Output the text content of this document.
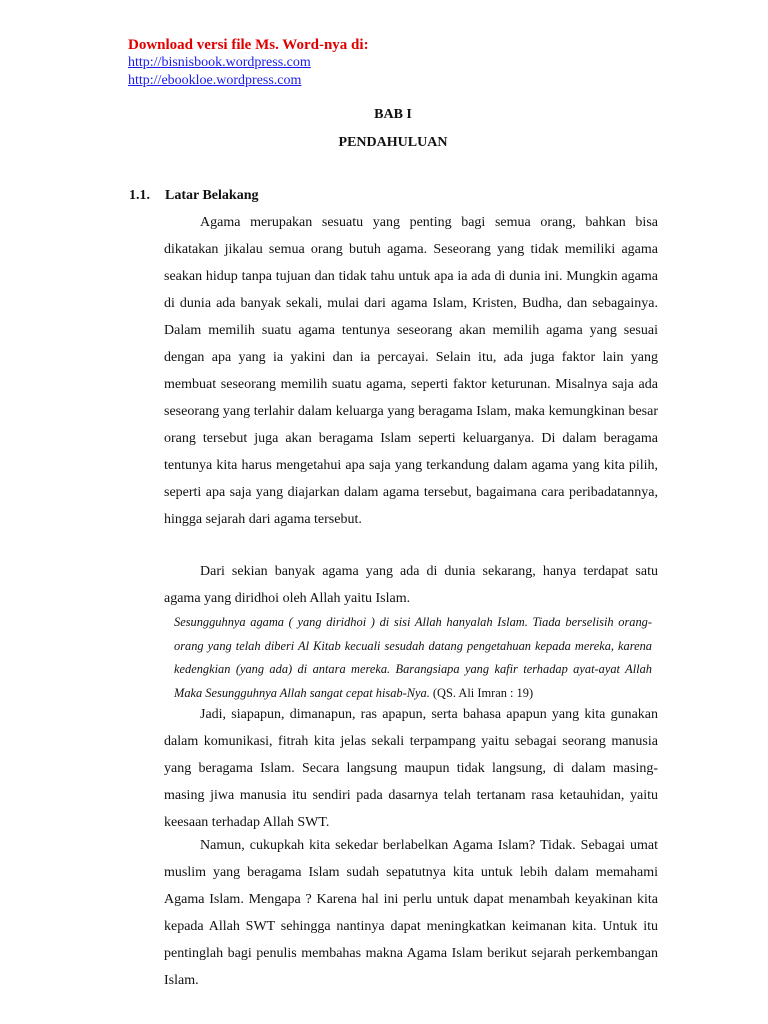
Download versi file Ms. Word-nya di:
http://bisnisbook.wordpress.com
http://ebookloe.wordpress.com
BAB I
PENDAHULUAN
1.1. Latar Belakang

Agama merupakan sesuatu yang penting bagi semua orang, bahkan bisa dikatakan jikalau semua orang butuh agama. Seseorang yang tidak memiliki agama seakan hidup tanpa tujuan dan tidak tahu untuk apa ia ada di dunia ini. Mungkin agama di dunia ada banyak sekali, mulai dari agama Islam, Kristen, Budha, dan sebagainya. Dalam memilih suatu agama tentunya seseorang akan memilih agama yang sesuai dengan apa yang ia yakini dan ia percayai. Selain itu, ada juga faktor lain yang membuat seseorang memilih suatu agama, seperti faktor keturunan. Misalnya saja ada seseorang yang terlahir dalam keluarga yang beragama Islam, maka kemungkinan besar orang tersebut juga akan beragama Islam seperti keluarganya. Di dalam beragama tentunya kita harus mengetahui apa saja yang terkandung dalam agama yang kita pilih, seperti apa saja yang diajarkan dalam agama tersebut, bagaimana cara peribadatannya, hingga sejarah dari agama tersebut.

Dari sekian banyak agama yang ada di dunia sekarang, hanya terdapat satu agama yang diridhoi oleh Allah yaitu Islam.

Sesungguhnya agama ( yang diridhoi ) di sisi Allah hanyalah Islam. Tiada berselisih orang-orang yang telah diberi Al Kitab kecuali sesudah datang pengetahuan kepada mereka, karena kedengkian (yang ada) di antara mereka. Barangsiapa yang kafir terhadap ayat-ayat Allah Maka Sesungguhnya Allah sangat cepat hisab-Nya. (QS. Ali Imran : 19)

Jadi, siapapun, dimanapun, ras apapun, serta bahasa apapun yang kita gunakan dalam komunikasi, fitrah kita jelas sekali terpampang yaitu sebagai seorang manusia yang beragama Islam. Secara langsung maupun tidak langsung, di dalam masing-masing jiwa manusia itu sendiri pada dasarnya telah tertanam rasa ketauhidan, yaitu keesaan terhadap Allah SWT.

Namun, cukupkah kita sekedar berlabelkan Agama Islam? Tidak. Sebagai umat muslim yang beragama Islam sudah sepatutnya kita untuk lebih dalam memahami Agama Islam. Mengapa ? Karena hal ini perlu untuk dapat menambah keyakinan kita kepada Allah SWT sehingga nantinya dapat meningkatkan keimanan kita. Untuk itu pentinglah bagi penulis membahas makna Agama Islam berikut sejarah perkembangan Islam.
